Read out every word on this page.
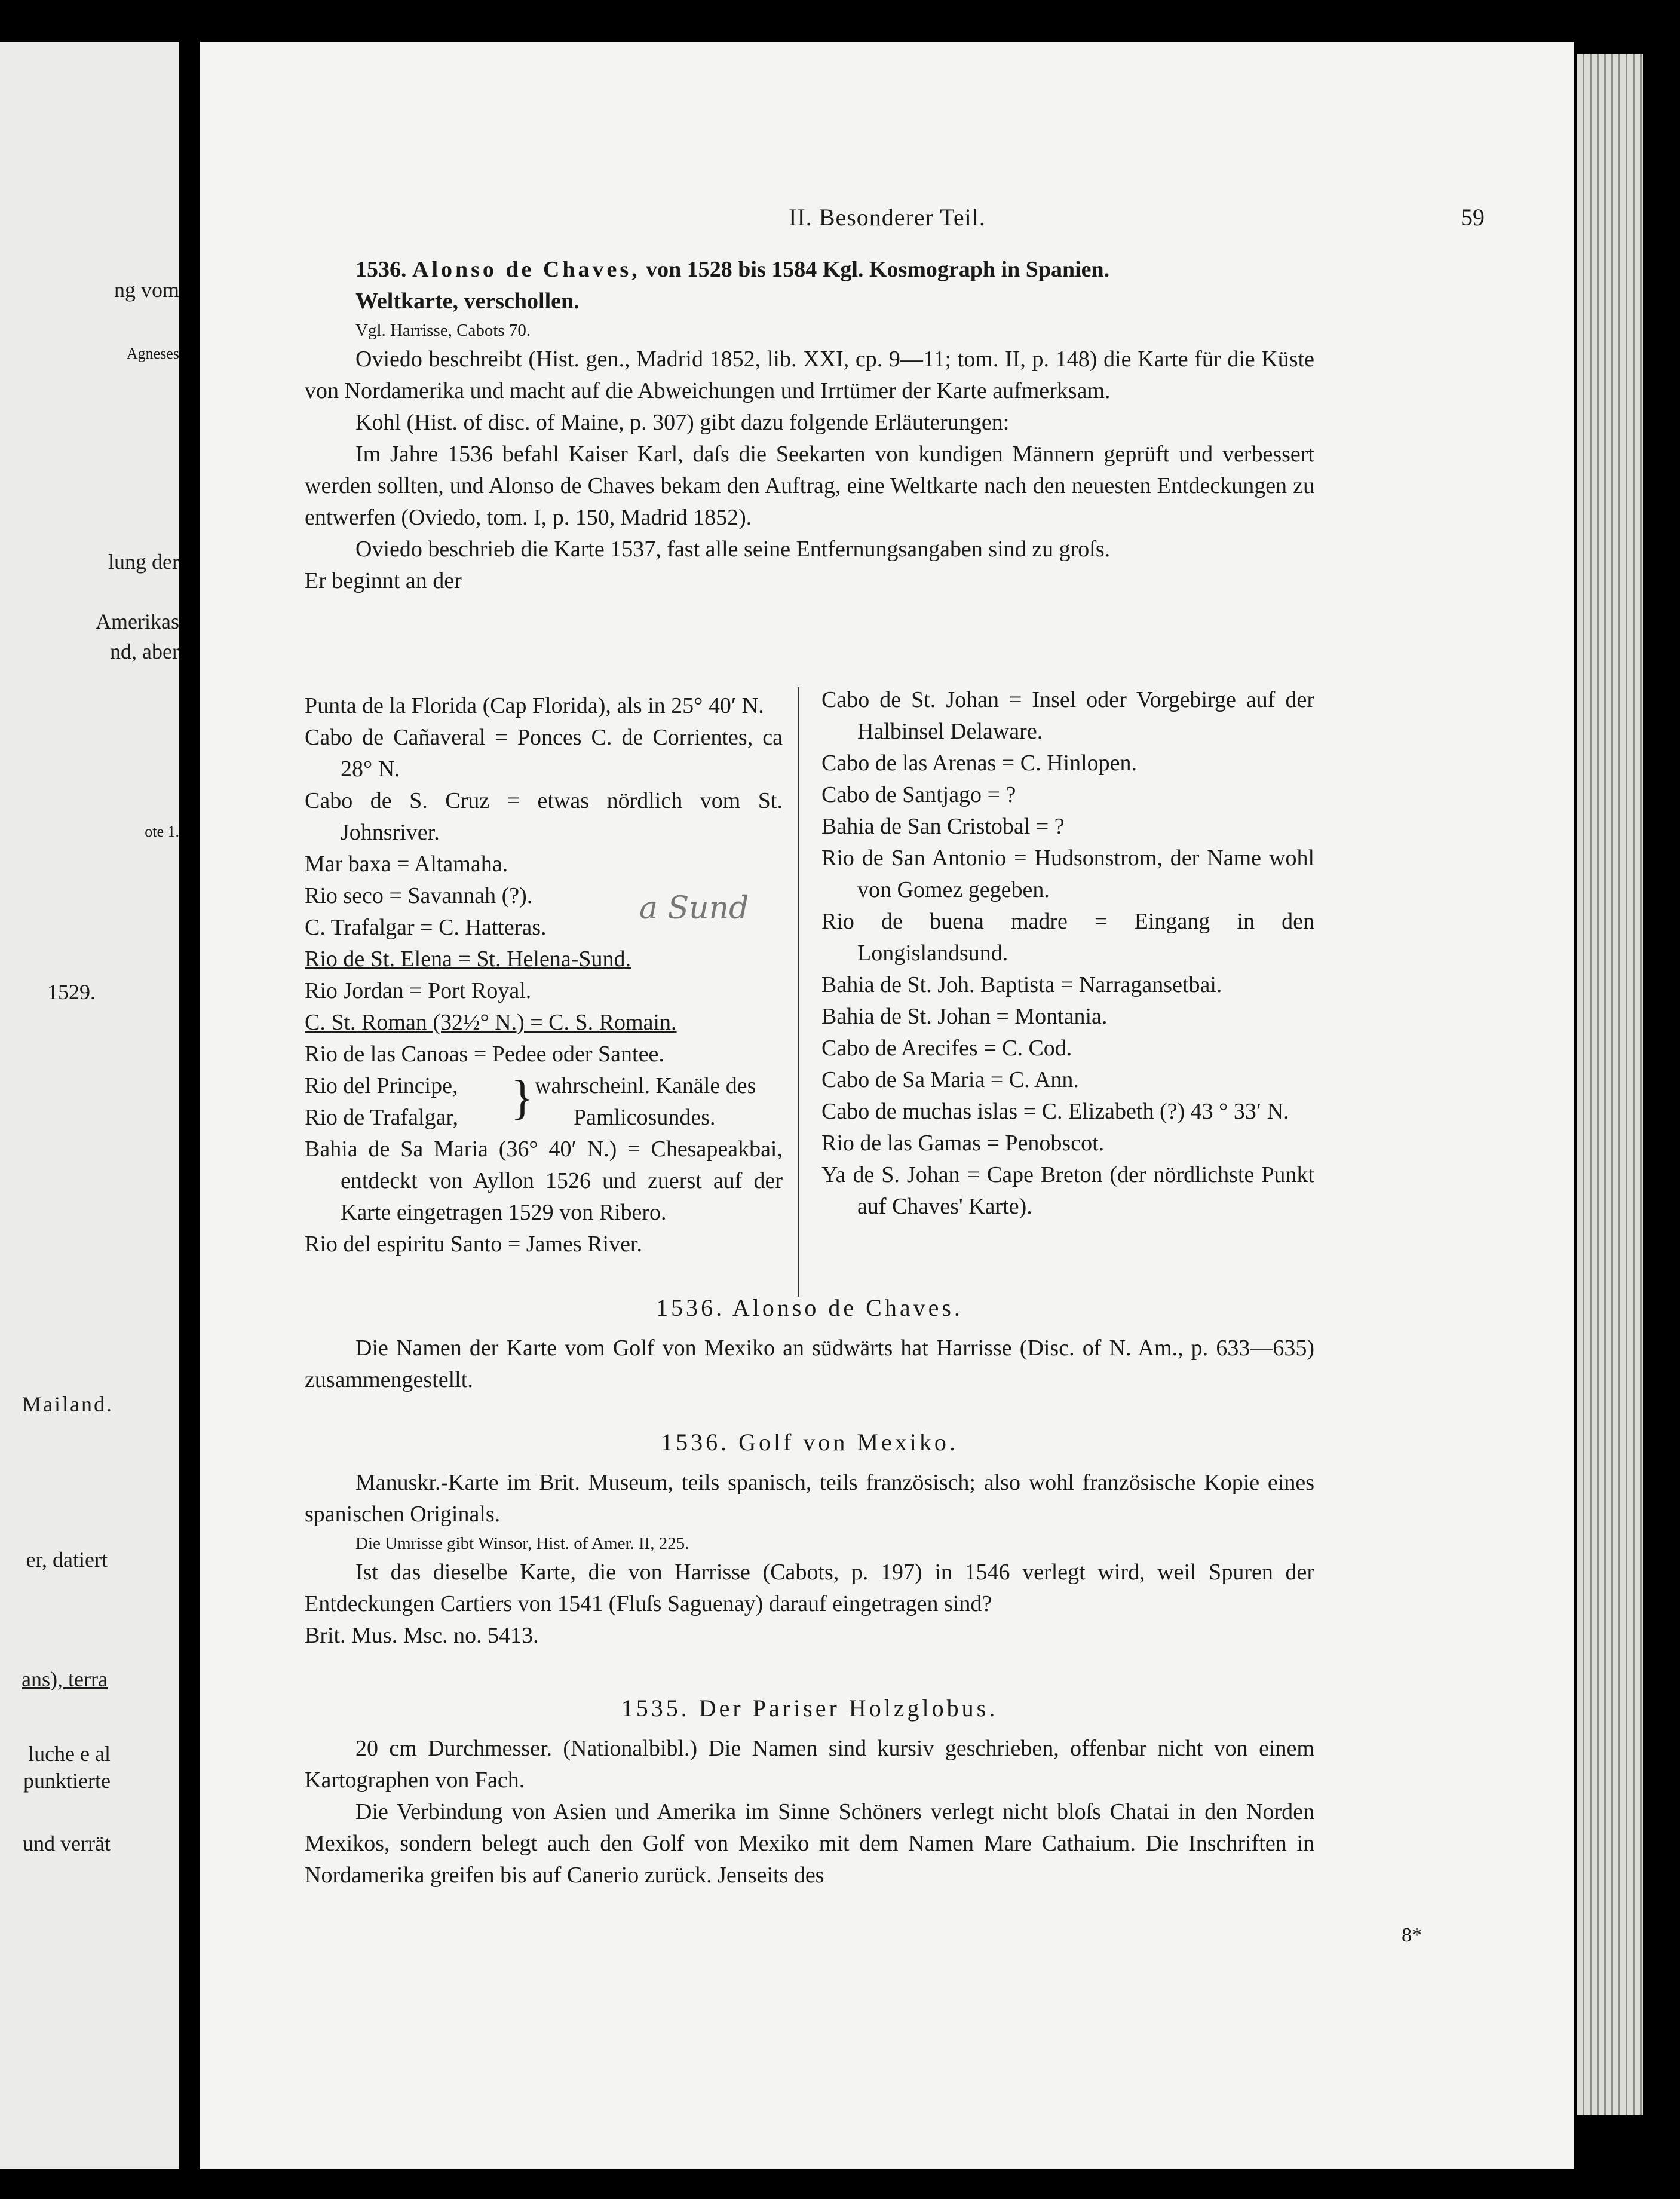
ng vom
Agneses
lung der
Amerikas
nd, aber
ote 1.
1529.
Mailand.
er, datiert
ans), terra
luche e al
punktierte
und verrät
II. Besonderer Teil.	59

1536. Alonso de Chaves, von 1528 bis 1584 Kgl. Kosmograph in Spanien.

Weltkarte, verschollen.

Vgl. Harrisse, Cabots 70.

Oviedo beschreibt (Hist. gen., Madrid 1852, lib. XXI, cp. 9—11; tom. II, p. 148) die Karte für die Küste von Nordamerika und macht auf die Abweichungen und Irrtümer der Karte aufmerksam.

Kohl (Hist. of disc. of Maine, p. 307) gibt dazu folgende Erläuterungen:

Im Jahre 1536 befahl Kaiser Karl, daſs die Seekarten von kundigen Männern geprüft und verbessert werden sollten, und Alonso de Chaves bekam den Auftrag, eine Weltkarte nach den neuesten Entdeckungen zu entwerfen (Oviedo, tom. I, p. 150, Madrid 1852).

Oviedo beschrieb die Karte 1537, fast alle seine Entfernungsangaben sind zu groſs.

Er beginnt an der

Punta de la Florida (Cap Florida), als in 25° 40′ N.

Cabo de Cañaveral = Ponces C. de Corrientes, ca 28° N.

Cabo de S. Cruz = etwas nördlich vom St. Johnsriver.

Mar baxa = Altamaha.

Rio seco = Savannah (?).

C. Trafalgar = C. Hatteras.

Rio de St. Elena = St. Helena-Sund.

Rio Jordan = Port Royal.

C. St. Roman (32½° N.) = C. S. Romain.

Rio de las Canoas = Pedee oder Santee.

Rio del Principe,
Rio de Trafalgar, } wahrscheinl. Kanäle des
Pamlicosundes.

Bahia de Sa Maria (36° 40′ N.) = Chesapeakbai, entdeckt von Ayllon 1526 und zuerst auf der Karte eingetragen 1529 von Ribero.

Rio del espiritu Santo = James River.

Cabo de St. Johan = Insel oder Vorgebirge auf der Halbinsel Delaware.

Cabo de las Arenas = C. Hinlopen.

Cabo de Santjago = ?

Bahia de San Cristobal = ?

Rio de San Antonio = Hudsonstrom, der Name wohl von Gomez gegeben.

Rio de buena madre = Eingang in den Longislandsund.

Bahia de St. Joh. Baptista = Narragansetbai.

Bahia de St. Johan = Montania.

Cabo de Arecifes = C. Cod.

Cabo de Sa Maria = C. Ann.

Cabo de muchas islas = C. Elizabeth (?) 43 ° 33′ N.

Rio de las Gamas = Penobscot.

Ya de S. Johan = Cape Breton (der nördlichste Punkt auf Chaves' Karte).

a Sund
1536. Alonso de Chaves.

Die Namen der Karte vom Golf von Mexiko an südwärts hat Harrisse (Disc. of N. Am., p. 633—635) zusammengestellt.

1536. Golf von Mexiko.

Manuskr.-Karte im Brit. Museum, teils spanisch, teils französisch; also wohl französische Kopie eines spanischen Originals.

Die Umrisse gibt Winsor, Hist. of Amer. II, 225.

Ist das dieselbe Karte, die von Harrisse (Cabots, p. 197) in 1546 verlegt wird, weil Spuren der Entdeckungen Cartiers von 1541 (Fluſs Saguenay) darauf eingetragen sind?

Brit. Mus. Msc. no. 5413.

1535. Der Pariser Holzglobus.

20 cm Durchmesser. (Nationalbibl.) Die Namen sind kursiv geschrieben, offenbar nicht von einem Kartographen von Fach.

Die Verbindung von Asien und Amerika im Sinne Schöners verlegt nicht bloſs Chatai in den Norden Mexikos, sondern belegt auch den Golf von Mexiko mit dem Namen Mare Cathaium. Die Inschriften in Nordamerika greifen bis auf Canerio zurück. Jenseits des

8*
